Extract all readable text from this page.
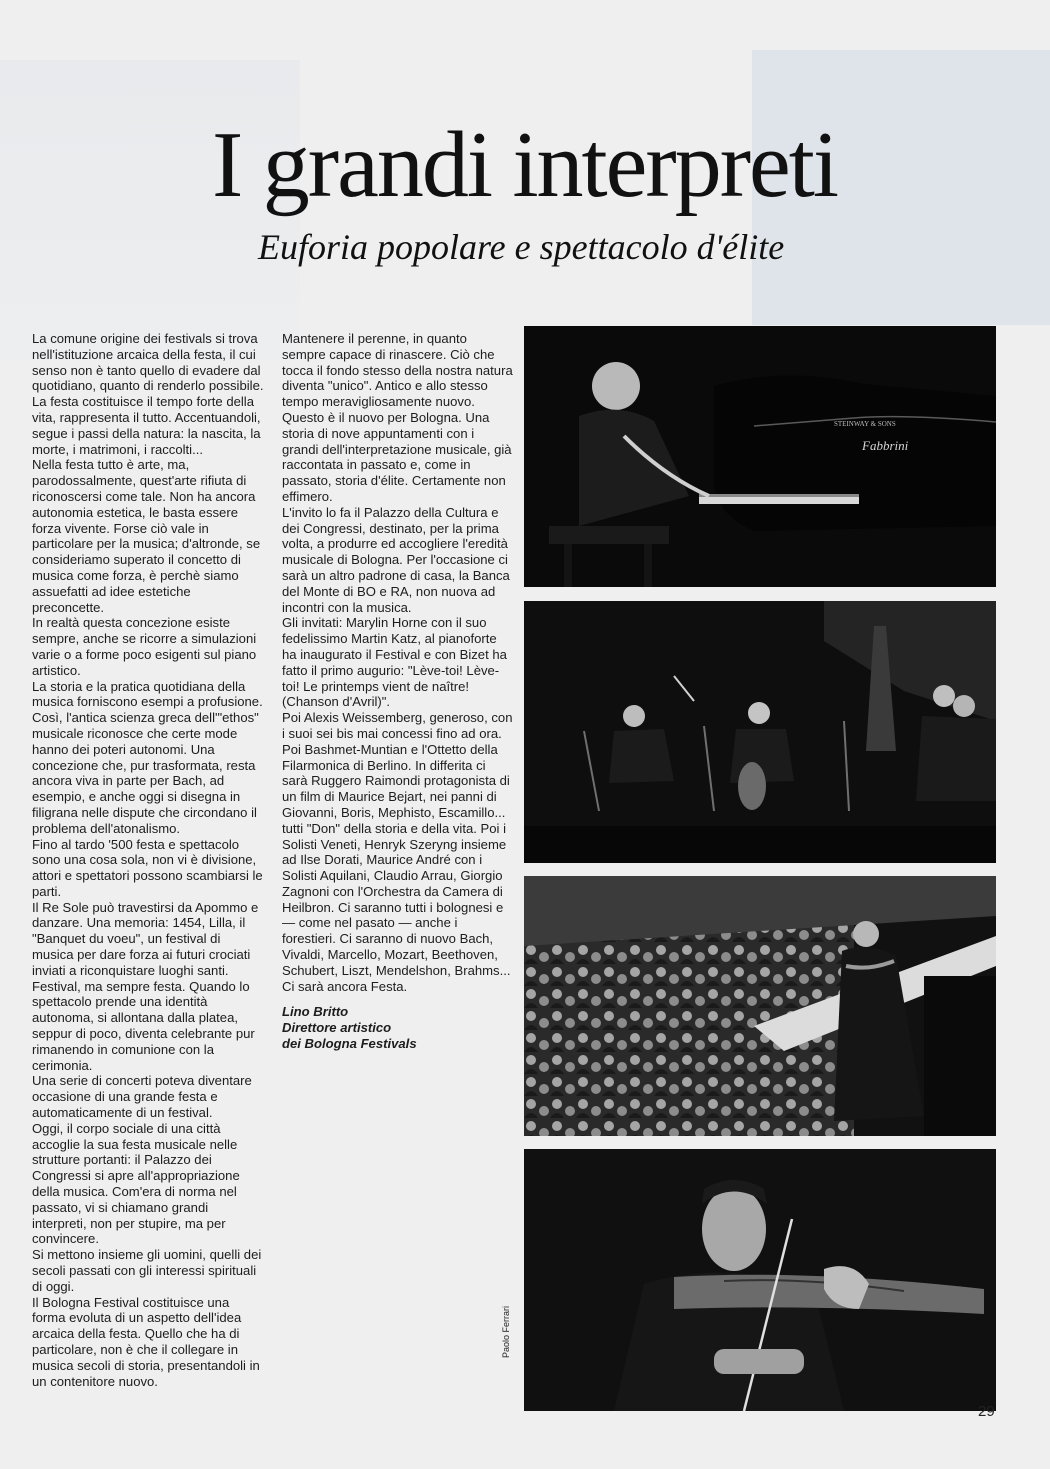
I grandi interpreti
Euforia popolare e spettacolo d'élite

La comune origine dei festivals si trova nell'istituzione arcaica della festa, il cui senso non è tanto quello di evadere dal quotidiano, quanto di renderlo possibile.

La festa costituisce il tempo forte della vita, rappresenta il tutto. Accentuandoli, segue i passi della natura: la nascita, la morte, i matrimoni, i raccolti...

Nella festa tutto è arte, ma, parodossalmente, quest'arte rifiuta di riconoscersi come tale. Non ha ancora autonomia estetica, le basta essere forza vivente. Forse ciò vale in particolare per la musica; d'altronde, se consideriamo superato il concetto di musica come forza, è perchè siamo assuefatti ad idee estetiche preconcette.

In realtà questa concezione esiste sempre, anche se ricorre a simulazioni varie o a forme poco esigenti sul piano artistico.

La storia e la pratica quotidiana della musica forniscono esempi a profusione. Così, l'antica scienza greca dell'"ethos" musicale riconosce che certe mode hanno dei poteri autonomi. Una concezione che, pur trasformata, resta ancora viva in parte per Bach, ad esempio, e anche oggi si disegna in filigrana nelle dispute che circondano il problema dell'atonalismo.

Fino al tardo '500 festa e spettacolo sono una cosa sola, non vi è divisione, attori e spettatori possono scambiarsi le parti.

Il Re Sole può travestirsi da Apommo e danzare. Una memoria: 1454, Lilla, il "Banquet du voeu", un festival di musica per dare forza ai futuri crociati inviati a riconquistare luoghi santi.

Festival, ma sempre festa. Quando lo spettacolo prende una identità autonoma, si allontana dalla platea, seppur di poco, diventa celebrante pur rimanendo in comunione con la cerimonia.

Una serie di concerti poteva diventare occasione di una grande festa e automaticamente di un festival.

Oggi, il corpo sociale di una città accoglie la sua festa musicale nelle strutture portanti: il Palazzo dei Congressi si apre all'appropriazione della musica. Com'era di norma nel passato, vi si chiamano grandi interpreti, non per stupire, ma per convincere.

Si mettono insieme gli uomini, quelli dei secoli passati con gli interessi spirituali di oggi.

Il Bologna Festival costituisce una forma evoluta di un aspetto dell'idea arcaica della festa. Quello che ha di particolare, non è che il collegare in musica secoli di storia, presentandoli in un contenitore nuovo.

Mantenere il perenne, in quanto sempre capace di rinascere. Ciò che tocca il fondo stesso della nostra natura diventa "unico". Antico e allo stesso tempo meravigliosamente nuovo.

Questo è il nuovo per Bologna. Una storia di nove appuntamenti con i grandi dell'interpretazione musicale, già raccontata in passato e, come in passato, storia d'élite. Certamente non effimero.

L'invito lo fa il Palazzo della Cultura e dei Congressi, destinato, per la prima volta, a produrre ed accogliere l'eredità musicale di Bologna. Per l'occasione ci sarà un altro padrone di casa, la Banca del Monte di BO e RA, non nuova ad incontri con la musica.

Gli invitati: Marylin Horne con il suo fedelissimo Martin Katz, al pianoforte ha inaugurato il Festival e con Bizet ha fatto il primo augurio: "Lève-toi! Lève-toi! Le printemps vient de naître! (Chanson d'Avril)".

Poi Alexis Weissemberg, generoso, con i suoi sei bis mai concessi fino ad ora. Poi Bashmet-Muntian e l'Ottetto della Filarmonica di Berlino. In differita ci sarà Ruggero Raimondi protagonista di un film di Maurice Bejart, nei panni di Giovanni, Boris, Mephisto, Escamillo... tutti "Don" della storia e della vita. Poi i Solisti Veneti, Henryk Szeryng insieme ad Ilse Dorati, Maurice André con i Solisti Aquilani, Claudio Arrau, Giorgio Zagnoni con l'Orchestra da Camera di Heilbron. Ci saranno tutti i bolognesi e — come nel pasato — anche i forestieri. Ci saranno di nuovo Bach, Vivaldi, Marcello, Mozart, Beethoven, Schubert, Liszt, Mendelshon, Brahms... Ci sarà ancora Festa.

Lino Britto
Direttore artistico
dei Bologna Festivals

STEINWAY & SONS
Fabbrini
Paolo Ferrari
29
